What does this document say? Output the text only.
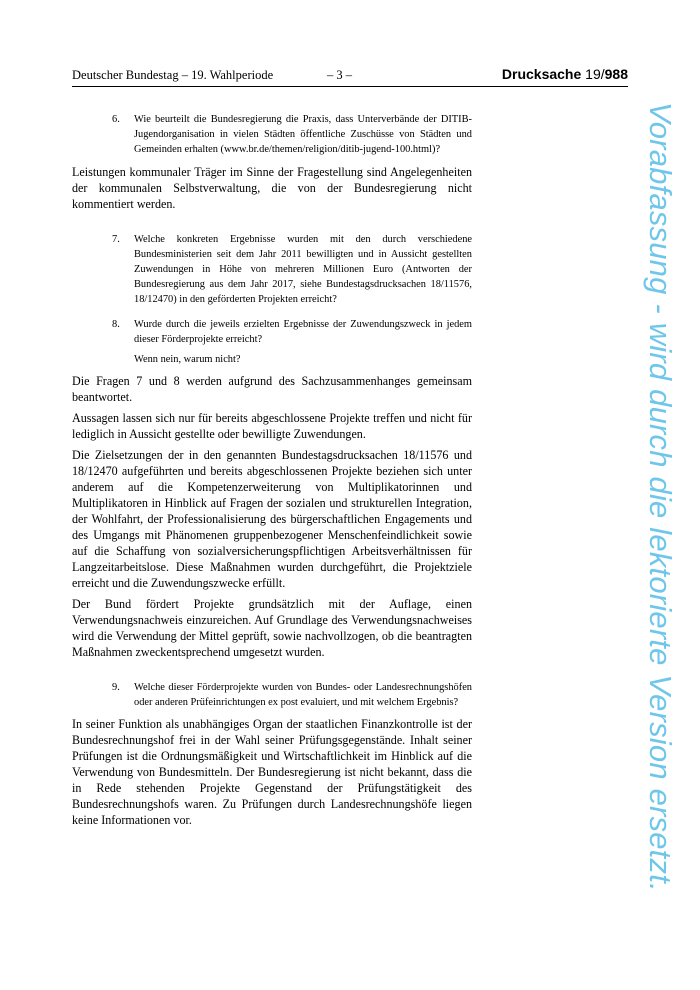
Deutscher Bundestag – 19. Wahlperiode	– 3 –	Drucksache 19/988
6. Wie beurteilt die Bundesregierung die Praxis, dass Unterverbände der DITIB-Jugendorganisation in vielen Städten öffentliche Zuschüsse von Städten und Gemeinden erhalten (www.br.de/themen/religion/ditib-jugend-100.html)?

Leistungen kommunaler Träger im Sinne der Fragestellung sind Angelegenheiten der kommunalen Selbstverwaltung, die von der Bundesregierung nicht kommentiert werden.

7. Welche konkreten Ergebnisse wurden mit den durch verschiedene Bundesministerien seit dem Jahr 2011 bewilligten und in Aussicht gestellten Zuwendungen in Höhe von mehreren Millionen Euro (Antworten der Bundesregierung aus dem Jahr 2017, siehe Bundestagsdrucksachen 18/11576, 18/12470) in den geförderten Projekten erreicht?
8. Wurde durch die jeweils erzielten Ergebnisse der Zuwendungszweck in jedem dieser Förderprojekte erreicht?
Wenn nein, warum nicht?

Die Fragen 7 und 8 werden aufgrund des Sachzusammenhanges gemeinsam beantwortet.

Aussagen lassen sich nur für bereits abgeschlossene Projekte treffen und nicht für lediglich in Aussicht gestellte oder bewilligte Zuwendungen.

Die Zielsetzungen der in den genannten Bundestagsdrucksachen 18/11576 und 18/12470 aufgeführten und bereits abgeschlossenen Projekte beziehen sich unter anderem auf die Kompetenzerweiterung von Multiplikatorinnen und Multiplikatoren in Hinblick auf Fragen der sozialen und strukturellen Integration, der Wohlfahrt, der Professionalisierung des bürgerschaftlichen Engagements und des Umgangs mit Phänomenen gruppenbezogener Menschenfeindlichkeit sowie auf die Schaffung von sozialversicherungspflichtigen Arbeitsverhältnissen für Langzeitarbeitslose. Diese Maßnahmen wurden durchgeführt, die Projektziele erreicht und die Zuwendungszwecke erfüllt.

Der Bund fördert Projekte grundsätzlich mit der Auflage, einen Verwendungsnachweis einzureichen. Auf Grundlage des Verwendungsnachweises wird die Verwendung der Mittel geprüft, sowie nachvollzogen, ob die beantragten Maßnahmen zweckentsprechend umgesetzt wurden.

9. Welche dieser Förderprojekte wurden von Bundes- oder Landesrechnungshöfen oder anderen Prüfeinrichtungen ex post evaluiert, und mit welchem Ergebnis?

In seiner Funktion als unabhängiges Organ der staatlichen Finanzkontrolle ist der Bundesrechnungshof frei in der Wahl seiner Prüfungsgegenstände. Inhalt seiner Prüfungen ist die Ordnungsmäßigkeit und Wirtschaftlichkeit im Hinblick auf die Verwendung von Bundesmitteln. Der Bundesregierung ist nicht bekannt, dass die in Rede stehenden Projekte Gegenstand der Prüfungstätigkeit des Bundesrechnungshofs waren. Zu Prüfungen durch Landesrechnungshöfe liegen keine Informationen vor.	Vorabfassung - wird durch die lektorierte Version ersetzt.
